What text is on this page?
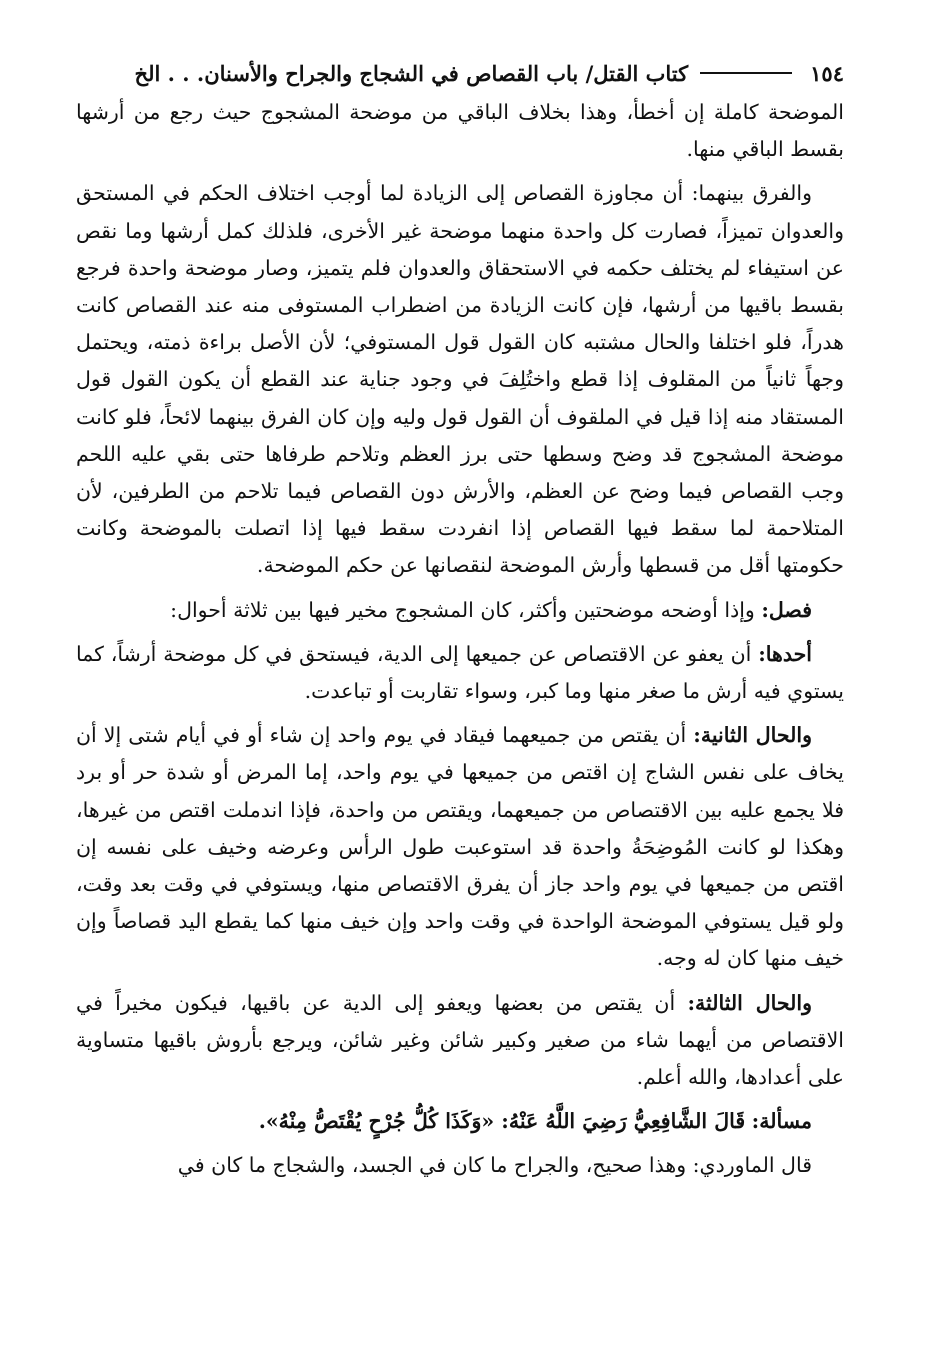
١٥٤
كتاب القتل/ باب القصاص في الشجاج والجراح والأسنان. . . الخ

الموضحة كاملة إن أخطأ، وهذا بخلاف الباقي من موضحة المشجوج حيث رجع من أرشها بقسط الباقي منها.

والفرق بينهما: أن مجاوزة القصاص إلى الزيادة لما أوجب اختلاف الحكم في المستحق والعدوان تميزاً، فصارت كل واحدة منهما موضحة غير الأخرى، فلذلك كمل أرشها وما نقص عن استيفاء لم يختلف حكمه في الاستحقاق والعدوان فلم يتميز، وصار موضحة واحدة فرجع بقسط باقيها من أرشها، فإن كانت الزيادة من اضطراب المستوفى منه عند القصاص كانت هدراً، فلو اختلفا والحال مشتبه كان القول قول المستوفي؛ لأن الأصل براءة ذمته، ويحتمل وجهاً ثانياً من المقلوف إذا قطع واختُلِفَ في وجود جناية عند القطع أن يكون القول قول المستقاد منه إذا قيل في الملقوف أن القول قول وليه وإن كان الفرق بينهما لائحاً، فلو كانت موضحة المشجوج قد وضح وسطها حتى برز العظم وتلاحم طرفاها حتى بقي عليه اللحم وجب القصاص فيما وضح عن العظم، والأرش دون القصاص فيما تلاحم من الطرفين، لأن المتلاحمة لما سقط فيها القصاص إذا انفردت سقط فيها إذا اتصلت بالموضحة وكانت حكومتها أقل من قسطها وأرش الموضحة لنقصانها عن حكم الموضحة.

فصل: وإذا أوضحه موضحتين وأكثر، كان المشجوج مخير فيها بين ثلاثة أحوال:

أحدها: أن يعفو عن الاقتصاص عن جميعها إلى الدية، فيستحق في كل موضحة أرشاً، كما يستوي فيه أرش ما صغر منها وما كبر، وسواء تقاربت أو تباعدت.

والحال الثانية: أن يقتص من جميعهما فيقاد في يوم واحد إن شاء أو في أيام شتى إلا أن يخاف على نفس الشاج إن اقتص من جميعها في يوم واحد، إما المرض أو شدة حر أو برد فلا يجمع عليه بين الاقتصاص من جميعهما، ويقتص من واحدة، فإذا اندملت اقتص من غيرها، وهكذا لو كانت المُوضِحَةُ واحدة قد استوعبت طول الرأس وعرضه وخيف على نفسه إن اقتص من جميعها في يوم واحد جاز أن يفرق الاقتصاص منها، ويستوفي في وقت بعد وقت، ولو قيل يستوفي الموضحة الواحدة في وقت واحد وإن خيف منها كما يقطع اليد قصاصاً وإن خيف منها كان له وجه.

والحال الثالثة: أن يقتص من بعضها ويعفو إلى الدية عن باقيها، فيكون مخيراً في الاقتصاص من أيهما شاء من صغير وكبير شائن وغير شائن، ويرجع بأروش باقيها متساوية على أعدادها، والله أعلم.

مسألة: قَالَ الشَّافِعِيُّ رَضِيَ اللَّهُ عَنْهُ: «وَكَذَا كُلُّ جُرْحٍ يُقْتَصُّ مِنْهُ».

قال الماوردي: وهذا صحيح، والجراح ما كان في الجسد، والشجاج ما كان في
